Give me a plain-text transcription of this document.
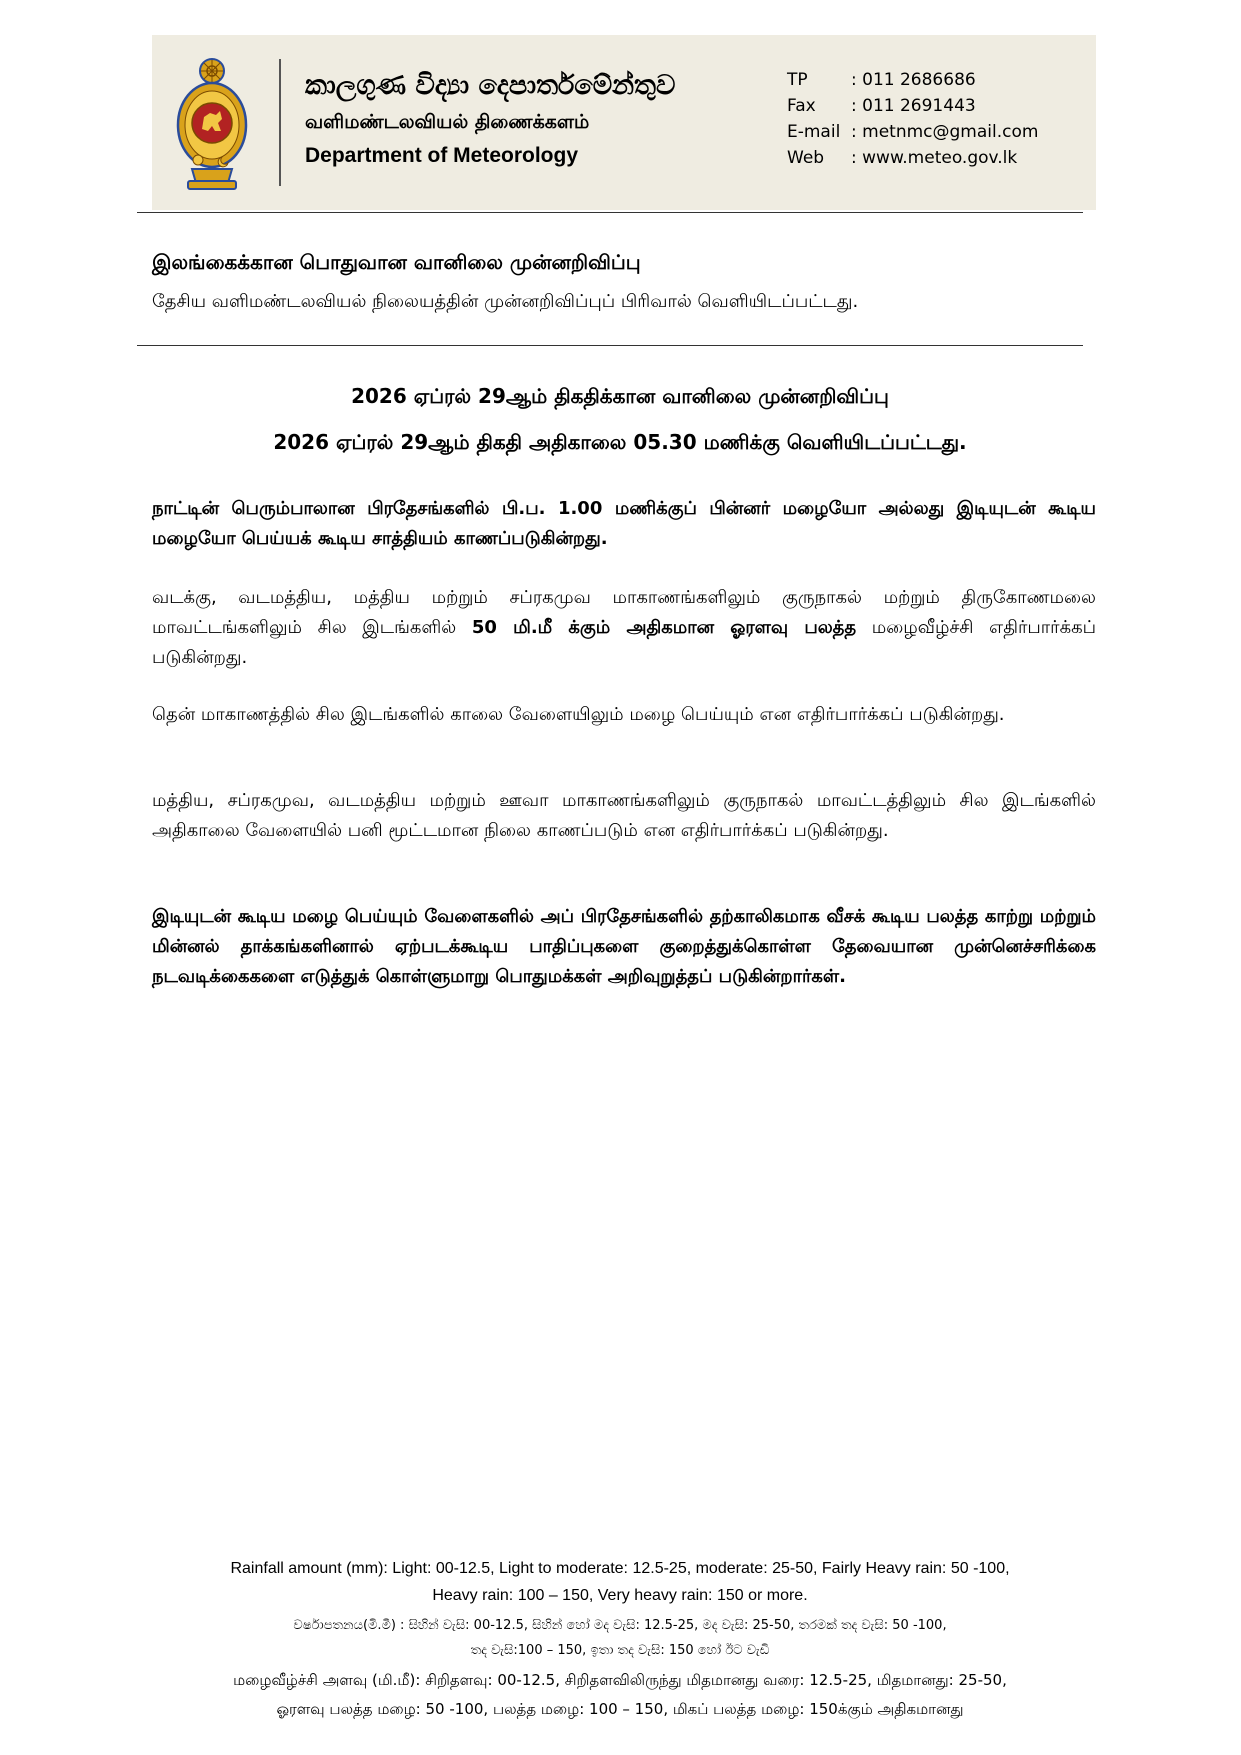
කාලගුණ විද්‍යා දෙපාර්තමේන්තුව
வளிமண்டலவியல் திணைக்களம்
Department of Meteorology
TP	: 011 2686686
Fax	: 011 2691443
E-mail : metnmc@gmail.com
Web	: www.meteo.gov.lk
இலங்கைக்கான பொதுவான வானிலை முன்னறிவிப்பு
தேசிய வளிமண்டலவியல் நிலையத்தின் முன்னறிவிப்புப் பிரிவால் வெளியிடப்பட்டது.
2026 ஏப்ரல் 29ஆம் திகதிக்கான வானிலை முன்னறிவிப்பு
2026 ஏப்ரல் 29ஆம் திகதி அதிகாலை 05.30 மணிக்கு வெளியிடப்பட்டது.
நாட்டின் பெரும்பாலான பிரதேசங்களில் பி.ப. 1.00 மணிக்குப் பின்னர் மழையோ அல்லது இடியுடன் கூடிய மழையோ பெய்யக் கூடிய சாத்தியம் காணப்படுகின்றது.
வடக்கு, வடமத்திய, மத்திய மற்றும் சப்ரகமுவ மாகாணங்களிலும் குருநாகல் மற்றும் திருகோணமலை மாவட்டங்களிலும் சில இடங்களில் 50 மி.மீ க்கும் அதிகமான ஓரளவு பலத்த மழைவீழ்ச்சி எதிர்பார்க்கப் படுகின்றது.
தென் மாகாணத்தில் சில இடங்களில் காலை வேளையிலும் மழை பெய்யும் என எதிர்பார்க்கப் படுகின்றது.
மத்திய, சப்ரகமுவ, வடமத்திய மற்றும் ஊவா மாகாணங்களிலும் குருநாகல் மாவட்டத்திலும் சில இடங்களில் அதிகாலை வேளையில் பனி மூட்டமான நிலை காணப்படும் என எதிர்பார்க்கப் படுகின்றது.
இடியுடன் கூடிய மழை பெய்யும் வேளைகளில் அப் பிரதேசங்களில் தற்காலிகமாக வீசக் கூடிய பலத்த காற்று மற்றும் மின்னல் தாக்கங்களினால் ஏற்படக்கூடிய பாதிப்புகளை குறைத்துக்கொள்ள தேவையான முன்னெச்சரிக்கை நடவடிக்கைகளை எடுத்துக் கொள்ளுமாறு பொதுமக்கள் அறிவுறுத்தப் படுகின்றார்கள்.
Rainfall amount (mm): Light: 00-12.5, Light to moderate: 12.5-25, moderate: 25-50, Fairly Heavy rain: 50 -100,
Heavy rain: 100 – 150, Very heavy rain: 150 or more.
වර්ෂාපතනය(මි.මී) : සිහින් වැසි: 00-12.5, සිහින් හෝ මද වැසි: 12.5-25, මද වැසි: 25-50, තරමක් තද වැසි: 50 -100,
තද වැසි:100 – 150, ඉතා තද වැසි: 150 හෝ ඊට වැඩි
மழைவீழ்ச்சி அளவு (மி.மீ): சிறிதளவு: 00-12.5, சிறிதளவிலிருந்து மிதமானது வரை: 12.5-25, மிதமானது: 25-50,
ஓரளவு பலத்த மழை: 50 -100, பலத்த மழை: 100 – 150, மிகப் பலத்த மழை: 150க்கும் அதிகமானது
